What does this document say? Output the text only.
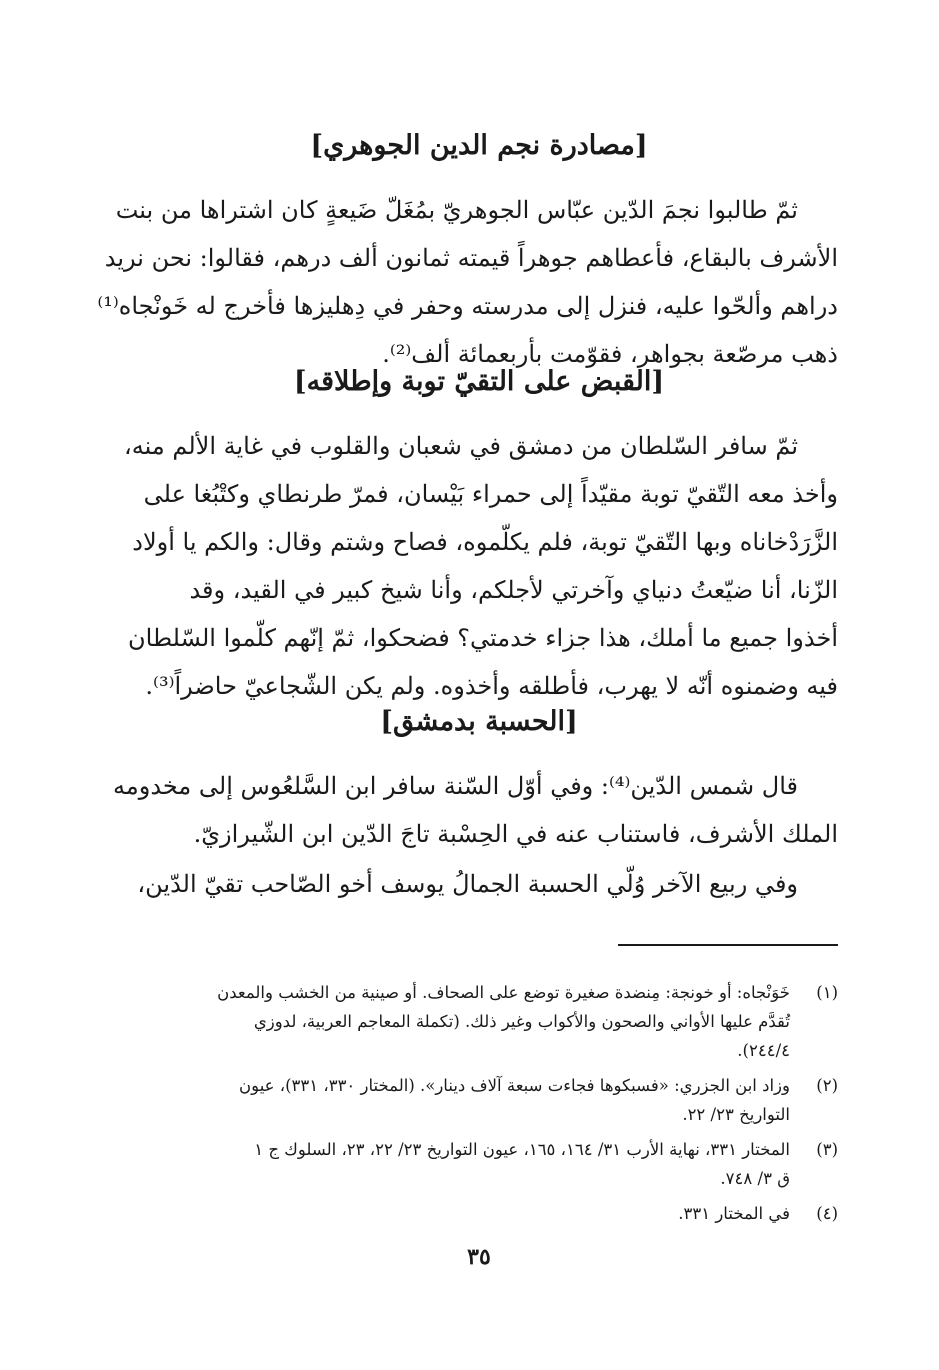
[مصادرة نجم الدين الجوهري]
ثمّ طالبوا نجمَ الدّين عبّاس الجوهريّ بمُغَلّ ضَيعةٍ كان اشتراها من بنت
الأشرف بالبقاع، فأعطاهم جوهراً قيمته ثمانون ألف درهم، فقالوا: نحن نريد
دراهم وألحّوا عليه، فنزل إلى مدرسته وحفر في دِهليزها فأخرج له خَونْجاه⁽¹⁾
ذهب مرصّعة بجواهر، فقوّمت بأربعمائة ألف⁽²⁾.
[القبض على التقيّ توبة وإطلاقه]
ثمّ سافر السّلطان من دمشق في شعبان والقلوب في غاية الألم منه،
وأخذ معه التّقيّ توبة مقيّداً إلى حمراء بَيْسان، فمرّ طرنطاي وكتْبُغا على
الزَّرَدْخاناه وبها التّقيّ توبة، فلم يكلّموه، فصاح وشتم وقال: والكم يا أولاد
الزّنا، أنا ضيّعتُ دنياي وآخرتي لأجلكم، وأنا شيخ كبير في القيد، وقد
أخذوا جميع ما أملك، هذا جزاء خدمتي؟ فضحكوا، ثمّ إنّهم كلّموا السّلطان
فيه وضمنوه أنّه لا يهرب، فأطلقه وأخذوه. ولم يكن الشّجاعيّ حاضراً⁽³⁾.
[الحسبة بدمشق]
قال شمس الدّين⁽⁴⁾: وفي أوّل السّنة سافر ابن السَّلعُوس إلى مخدومه
الملك الأشرف، فاستناب عنه في الحِسْبة تاجَ الدّين ابن الشّيرازيّ.
وفي ربيع الآخر وُلّي الحسبة الجمالُ يوسف أخو الصّاحب تقيّ الدّين،
(١)
خَوَنْجاه: أو خونجة: مِنضدة صغيرة توضع على الصحاف. أو صينية من الخشب والمعدن
تُقدَّم عليها الأواني والصحون والأكواب وغير ذلك. (تكملة المعاجم العربية، لدوزي
٢٤٤/٤).
(٢)
وزاد ابن الجزري: «فسبكوها فجاءت سبعة آلاف دينار». (المختار ٣٣٠، ٣٣١)، عيون
التواريخ ٢٣/ ٢٢.
(٣)
المختار ٣٣١، نهاية الأرب ٣١/ ١٦٤، ١٦٥، عيون التواريخ ٢٣/ ٢٢، ٢٣، السلوك ج ١
ق ٣/ ٧٤٨.
(٤)
في المختار ٣٣١.
٣٥
